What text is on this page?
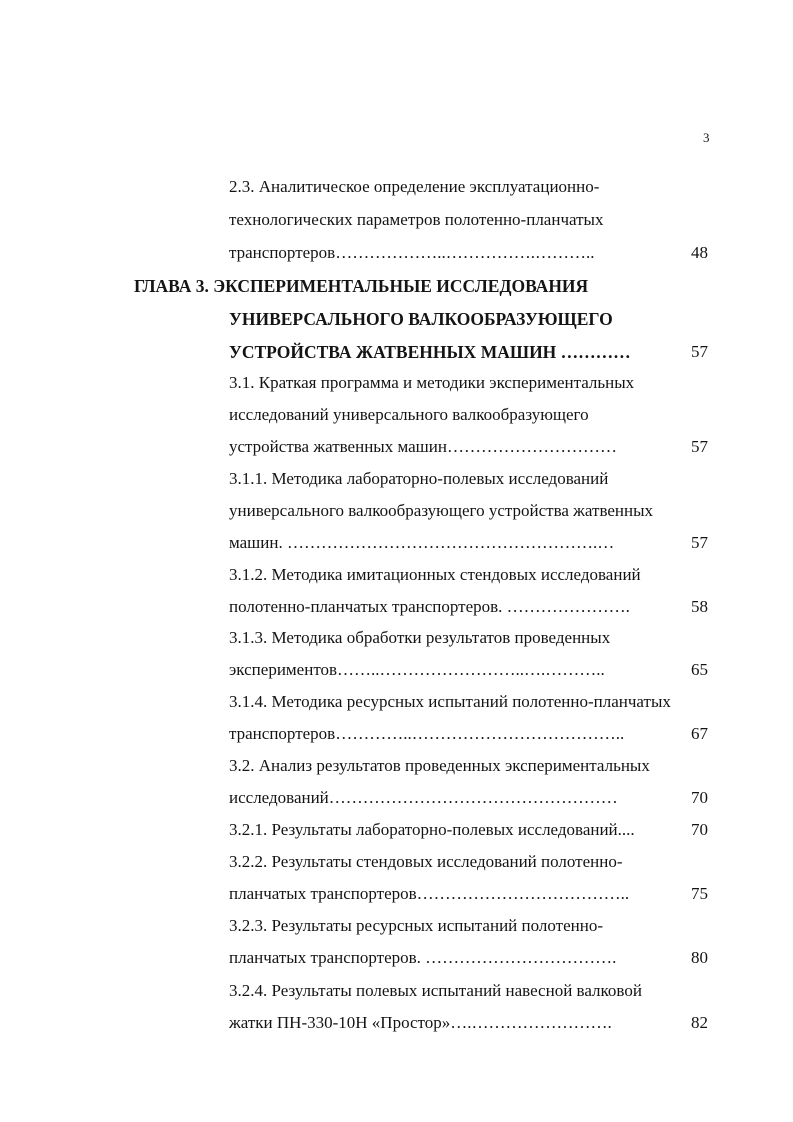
3
2.3. Аналитическое определение эксплуатационно-
технологических параметров полотенно-планчатых
транспортеров………………..…………….………..	48
ГЛАВА 3. ЭКСПЕРИМЕНТАЛЬНЫЕ ИССЛЕДОВАНИЯ
УНИВЕРСАЛЬНОГО ВАЛКООБРАЗУЮЩЕГО
УСТРОЙСТВА ЖАТВЕННЫХ МАШИН …………	57
3.1. Краткая программа и методики экспериментальных
исследований универсального валкообразующего
устройства жатвенных машин…………………………	57
3.1.1. Методика лабораторно-полевых исследований
универсального валкообразующего устройства жатвенных
машин. ……………………………………………….…	57
3.1.2. Методика имитационных стендовых исследований
полотенно-планчатых транспортеров. ………………….	58
3.1.3. Методика обработки результатов проведенных
экспериментов……..……………………..….………..	65
3.1.4. Методика ресурсных испытаний полотенно-планчатых
транспортеров…………..………………………………..	67
3.2. Анализ результатов проведенных экспериментальных
исследований……………………………………………	70
3.2.1. Результаты лабораторно-полевых исследований....	70
3.2.2. Результаты стендовых исследований полотенно-
планчатых транспортеров………………………………..	75
3.2.3. Результаты ресурсных испытаний полотенно-
планчатых транспортеров. …………………………….	80
3.2.4. Результаты полевых испытаний навесной валковой
жатки ПН-330-10Н «Простор»….…………………….	82
